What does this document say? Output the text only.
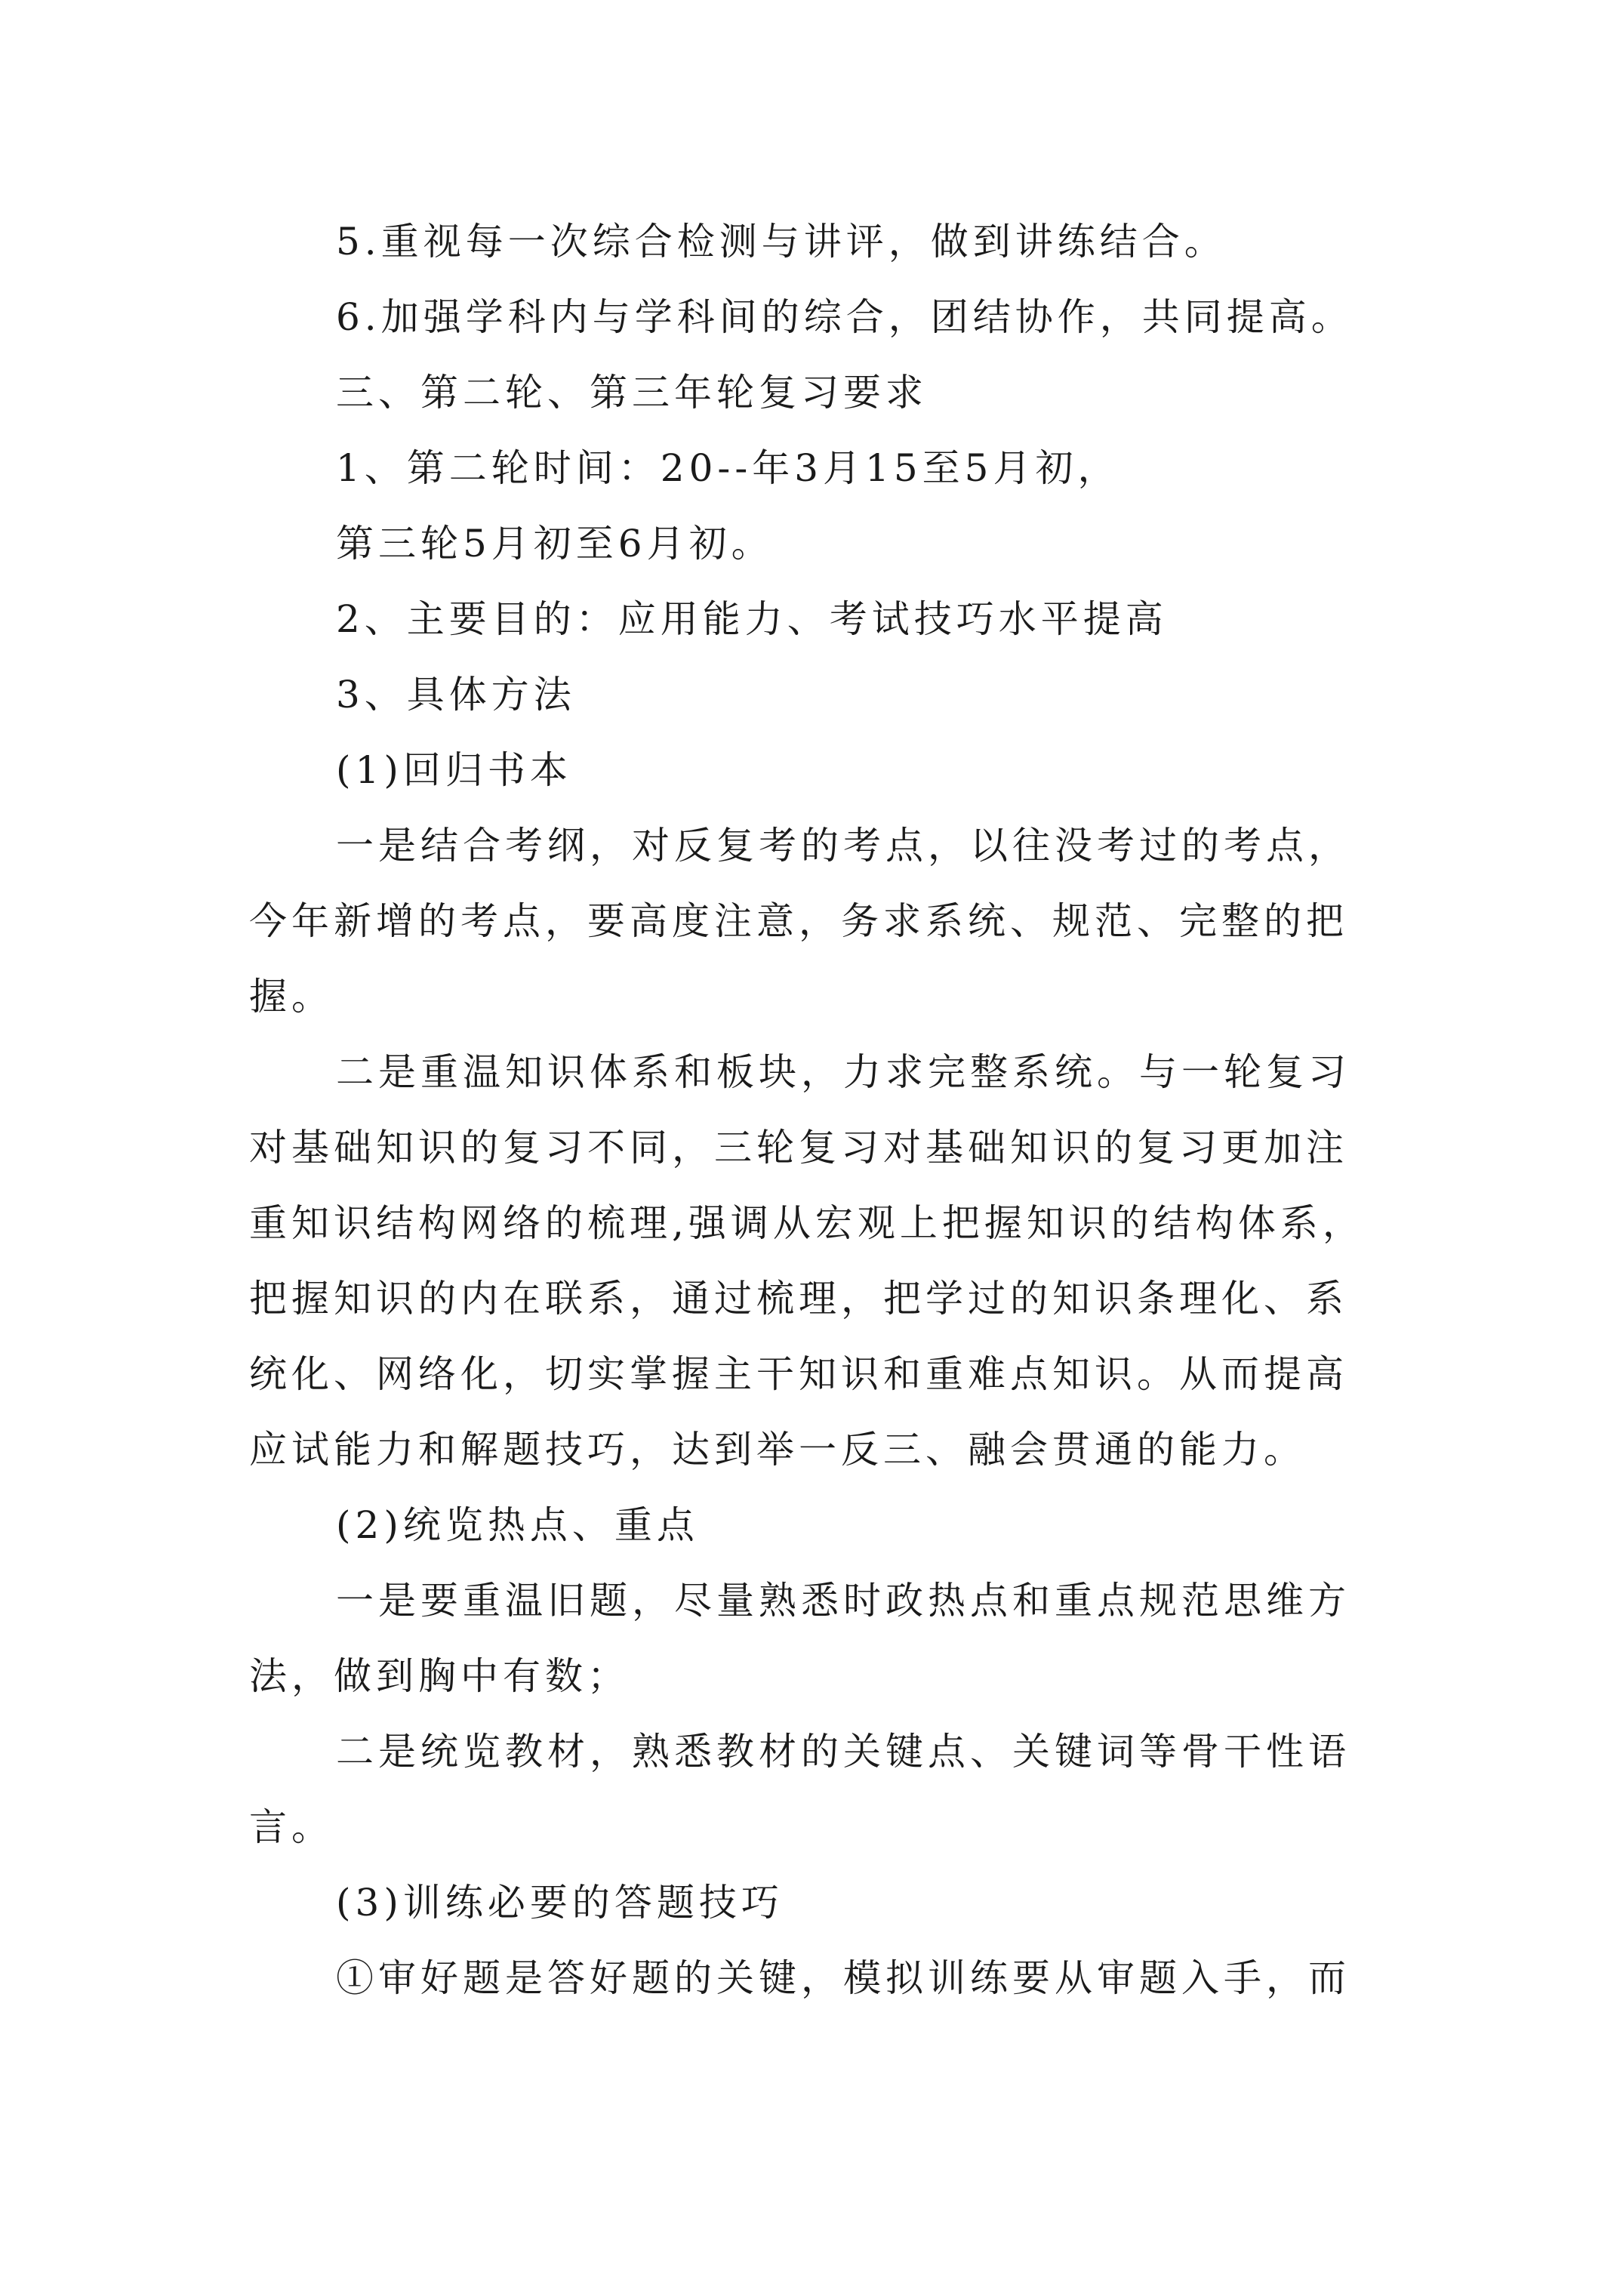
5.重视每一次综合检测与讲评，做到讲练结合。
6.加强学科内与学科间的综合，团结协作，共同提高。
三、第二轮、第三年轮复习要求
1、第二轮时间：20--年3月15至5月初，
第三轮5月初至6月初。
2、主要目的：应用能力、考试技巧水平提高
3、具体方法
(1)回归书本
一是结合考纲，对反复考的考点，以往没考过的考点，
今年新增的考点，要高度注意，务求系统、规范、完整的把
握。
二是重温知识体系和板块，力求完整系统。与一轮复习
对基础知识的复习不同，三轮复习对基础知识的复习更加注
重知识结构网络的梳理,强调从宏观上把握知识的结构体系，
把握知识的内在联系，通过梳理，把学过的知识条理化、系
统化、网络化，切实掌握主干知识和重难点知识。从而提高
应试能力和解题技巧，达到举一反三、融会贯通的能力。
(2)统览热点、重点
一是要重温旧题，尽量熟悉时政热点和重点规范思维方
法，做到胸中有数；
二是统览教材，熟悉教材的关键点、关键词等骨干性语
言。
(3)训练必要的答题技巧
①审好题是答好题的关键，模拟训练要从审题入手，而
